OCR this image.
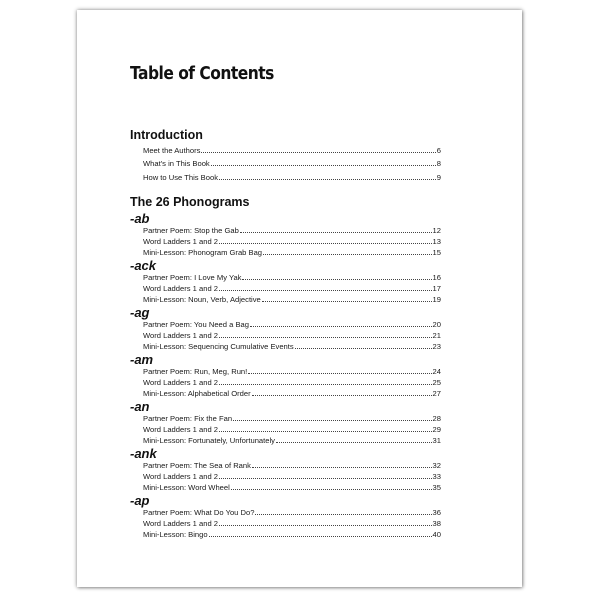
Table of Contents
Introduction
Meet the Authors	6
What's in This Book	8
How to Use This Book	9
The 26 Phonograms
-ab
Partner Poem: Stop the Gab	12
Word Ladders 1 and 2	13
Mini-Lesson: Phonogram Grab Bag	15
-ack
Partner Poem: I Love My Yak	16
Word Ladders 1 and 2	17
Mini-Lesson: Noun, Verb, Adjective	19
-ag
Partner Poem: You Need a Bag	20
Word Ladders 1 and 2	21
Mini-Lesson: Sequencing Cumulative Events	23
-am
Partner Poem: Run, Meg, Run!	24
Word Ladders 1 and 2	25
Mini-Lesson: Alphabetical Order	27
-an
Partner Poem: Fix the Fan	28
Word Ladders 1 and 2	29
Mini-Lesson: Fortunately, Unfortunately	31
-ank
Partner Poem: The Sea of Rank	32
Word Ladders 1 and 2	33
Mini-Lesson: Word Wheel	35
-ap
Partner Poem: What Do You Do?	36
Word Ladders 1 and 2	38
Mini-Lesson: Bingo	40
